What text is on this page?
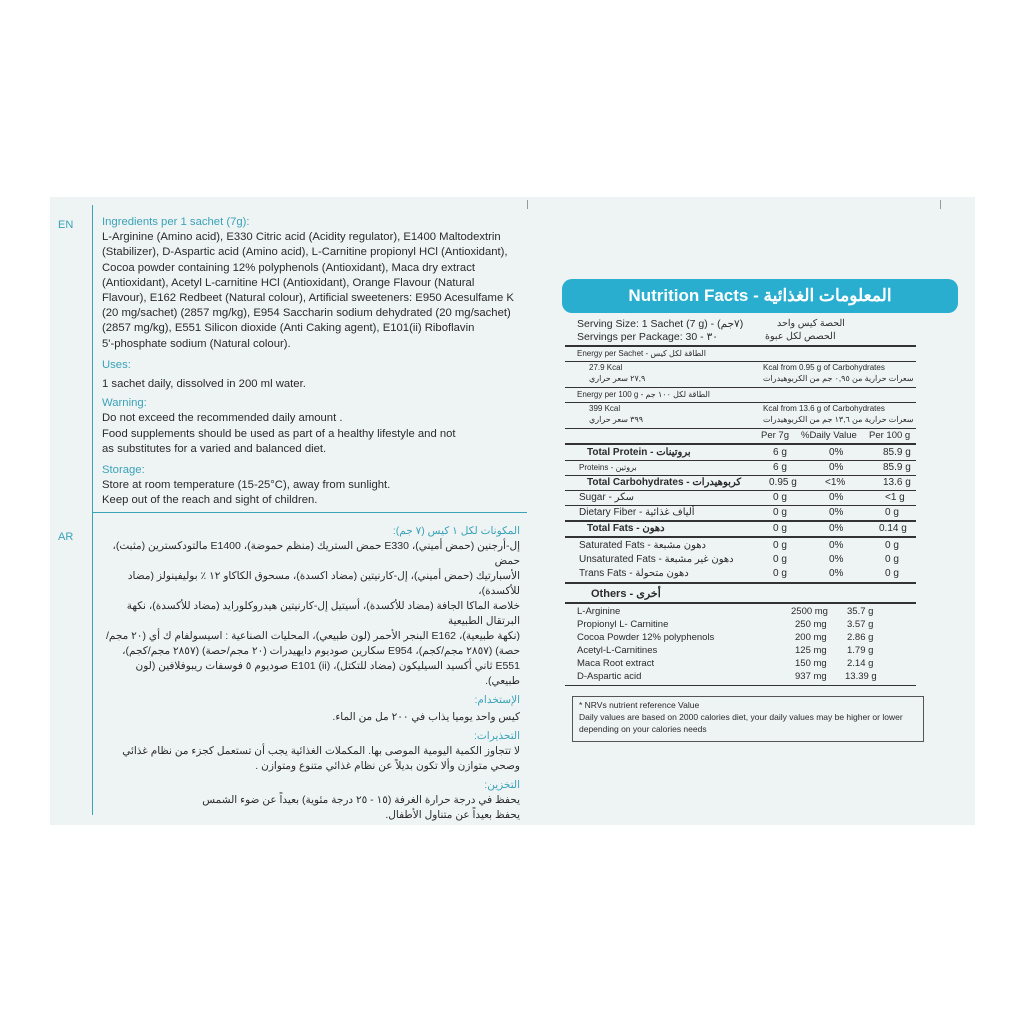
EN
AR
Ingredients per 1 sachet (7g):
L-Arginine (Amino acid), E330 Citric acid (Acidity regulator), E1400 Maltodextrin
(Stabilizer), D-Aspartic acid (Amino acid), L-Carnitine propionyl HCl (Antioxidant),
Cocoa powder containing 12% polyphenols (Antioxidant), Maca dry extract
(Antioxidant), Acetyl L-carnitine HCl (Antioxidant), Orange Flavour (Natural
Flavour), E162 Redbeet (Natural colour), Artificial sweeteners: E950 Acesulfame K
(20 mg/sachet) (2857 mg/kg), E954 Saccharin sodium dehydrated (20 mg/sachet)
(2857 mg/kg), E551 Silicon dioxide (Anti Caking agent), E101(ii) Riboflavin
5'-phosphate sodium (Natural colour).
Uses:
1 sachet daily, dissolved in 200 ml water.
Warning:
Do not exceed the recommended daily amount .
Food supplements should be used as part of a healthy lifestyle and not
as substitutes for a varied and balanced diet.
Storage:
Store at room temperature (15-25°C), away from sunlight.
Keep out of the reach and sight of children.
المكونات لكل ١ كيس (٧ جم):
إل-أرجنين (حمض أميني)، E330 حمض الستريك (منظم حموضة)، E1400 مالتودكسترين (مثبت)، حمض
الأسبارتيك (حمض أميني)، إل-كارنيتين (مضاد اكسدة)، مسحوق الكاكاو ١٢ ٪ بوليفينولز (مضاد للأكسدة)،
خلاصة الماكا الجافة (مضاد للأكسدة)، أسيتيل إل-كارنيتين هيدروكلورايد (مضاد للأكسدة)، نكهة البرتقال الطبيعية
(نكهة طبيعية)، E162 البنجر الأحمر (لون طبيعي)، المحليات الصناعية : اسيسولفام ك أي (٢٠ مجم/
حصة) (٢٨٥٧ مجم/كجم)، E954 سكارين صوديوم دايهيدرات (٢٠ مجم/حصة) (٢٨٥٧ مجم/كجم)،
E551 ثاني أكسيد السيليكون (مضاد للتكتل)، E101 (ii) صوديوم ٥ فوسفات ريبوفلافين (لون طبيعي).
الإستخدام:
كيس واحد يوميا يذاب في ٢٠٠ مل من الماء.
التحذيرات:
لا تتجاوز الكمية اليومية الموصى بها. المكملات الغذائية يجب أن تستعمل كجزء من نظام غذائي
وصحي متوازن وألا تكون بديلاً عن نظام غذائي متنوع ومتوازن .
التخزين:
يحفظ في درجة حرارة الغرفة (١٥ - ٢٥ درجة مئوية) بعيداً عن ضوء الشمس
يحفظ بعيداً عن متناول الأطفال.
Nutrition Facts - المعلومات الغذائية
Serving Size: 1 Sachet (7 g) - (٧جم)	الحصة كيس واحد
Servings per Package: 30 - ٣٠	الحصص لكل عبوة
Energy per Sachet - الطاقة لكل كيس
27.9 Kcal	Kcal from 0.95 g of Carbohydrates
٢٧,٩ سعر حراري	سعرات حرارية من ٠,٩٥ جم من الكربوهيدرات
Energy per 100 g - الطاقة لكل ١٠٠ جم
399 Kcal	Kcal from 13.6 g of Carbohydrates
٣٩٩ سعر حراري	سعرات حرارية من ١٣,٦ جم من الكربوهيدرات
Per 7g %Daily Value Per 100 g
Total Protein - بروتينات	6 g	0%	85.9 g
Proteins - بروتين	6 g	0%	85.9 g
Total Carbohydrates - كربوهيدرات	0.95 g	<1%	13.6 g
Sugar - سكر	0 g	0%	<1 g
Dietary Fiber - ألياف غذائية	0 g	0%	0 g
Total Fats - دهون	0 g	0%	0.14 g
Saturated Fats - دهون مشبعة	0 g	0%	0 g
Unsaturated Fats - دهون غير مشبعة	0 g	0%	0 g
Trans Fats - دهون متحولة	0 g	0%	0 g
Others - أخرى
L-Arginine	2500 mg 35.7 g
Propionyl L- Carnitine	250 mg 3.57 g
Cocoa Powder 12% polyphenols	200 mg 2.86 g
Acetyl-L-Carnitines	125 mg 1.79 g
Maca Root extract	150 mg 2.14 g
D-Aspartic acid	937 mg 13.39 g
* NRVs nutrient reference Value
Daily values are based on 2000 calories diet, your daily values may be higher or lower depending on your calories needs
